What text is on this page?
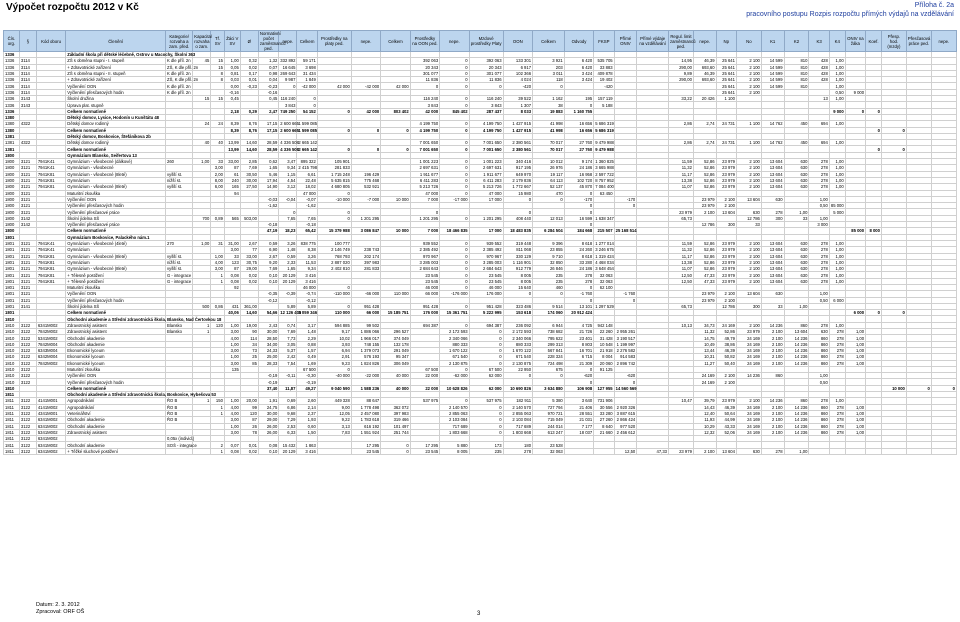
Výpočet rozpočtu 2012 v Kč	Příloha č. 2a
pracovního postupu Rozpis rozpočtu přímých výdajů na vzdělávání
Čís. org.	§	Kód oboru	Členění	Kategorie/ rozvaha a zam. před.	Kapacita/ rozvaha o zam.	Tř. SV	Žáci V SV	Ø	Normativní počet zaměstnanců ped.	nepe.	Celkem	Prostředky na platy ped.	nepe.	Celkem	Prostředky na OON ped.	nepe.	Mzdové prostředky Platy	OON	Celkem	Odvody	FKSP	Přímé ONIV	Přímé výdaje na vzdělávání	Regul. limit zaměstnanců ped.	nepe.	Np	No	K1	K2	K3	K4	ONIV na žáka	Koef.	Přesp. hod. (mzdy)	Přesčasová práce ped.	nepe.
1336			Základní škola při dětské léčebně, Ostrov u Macochy, Školní 363																																	
1336	3114		ZŠ s obměna stupni - I. stupeň	K dle příl. 2n	45	15	1,00	0,32	1,32	332 892	59 171				392 063	0	392 063	133 301	3 921	6 420	535 705			14,95	46,39	25 641	2 100	14 599	810	428	1,00					
1336	3114		+ Zdravotnické zařízení	ZŠ, K dle příl. 2n		15	0,05	0,02	0,07	16 645	3 698				20 343	0	20 343	6 917	203	6 420	33 883			290,00	693,60	25 641	2 100	14 599	810	428	1,00					
1336	3114		ZŠ s obměna stupni - II. stupeň	K dle příl. 2n		8	0,81	0,17	0,98	269 643	31 434				301 077	0	301 077	102 366	3 011	3 424	409 878			9,89	46,39	25 641	2 100	14 599	810	428	1,00					
1336	3114		+ Zdravotnické zařízení	ZŠ, K dle příl. 2n		8	0,03	0,01	0,04	9 987	1 849				11 836	0	11 836	4 024	118	3 424	19 402			290,00	693,60	25 641	2 100	14 599	810	428	1,00					
1336	3114		Vyčlenění OON	K dle příl. 2n			0,00	-0,23	-0,23	0	-42 000	42 000	-42 000	42 000	0	0	0	-420	0		-420					25 641	2 100	14 599	810		1,00					
1336	3114		Vyčlenění přesčasových hodin	K dle příl. 2n			-0,16		-0,16																	25 641	2 100				0,50	9 000				
1336	3143		Školní družina		15	15	0,45		0,45	116 240	0				116 240	0	116 240	39 522	1 162	195	157 119			33,22	20 426	1 100				13	1,00					
1336	3143		Úprava plat. stupně							3 843	0				3 843	0	3 843	1 307	38	0	5 188															
1336			Celkem normativně				2,18	0,29	2,47	749 250	54 152	0	42 000	803 402	42 000	845 402	287 437	8 033	19 883	1 160 755											9 000	0	0			
1380			Dětský domov, Lysice, Hodonín u Kunštátu 48																																	
1380	4322		Dětský domov rodinný		24	24	8,39	8,76	17,15	2 600 665	1 599 085				4 199 750	0	4 199 750	1 427 915	41 998	16 656	5 686 319			2,86	2,74	24 731	1 100	14 762	450	694	1,00					
1380			Celkem normativně				8,39	8,76	17,15	2 600 665	1 599 085	0	0	0	4 199 750	0	4 199 750	1 427 915	41 998	16 656	5 686 319												0	0		
1381			Dětský domov, Boskovice, Štefánikova 2b																																	
1381	4322		Dětský domov rodinný		40	40	13,99	14,60	28,59	4 336 508	2 665 142				7 001 650	0	7 001 650	2 380 561	70 017	27 760	9 479 988			2,86	2,74	24 731	1 100	14 762	450	694	1,00					
1381			Celkem normativně				13,99	14,60	28,59	4 336 508	2 665 142	0	0	0	7 001 650	0	7 001 650	2 380 561	70 017	27 760	9 479 988												0	0		
1800			Gymnázium Blansko, Seifertova 13																																	
1800	3121	7941K41	Gymnázium - všeobecné (dálkové)	260	1,00	33	33,00	2,85	0,62	3,47	895 322	105 901			1 001 223	0	1 001 223	340 416	10 012	9 174	1 360 825			11,59	52,86	23 979	2 100	13 604	630	278	1,00					
1800	3121	7941K41	Gymnázium - všeobecné			3,00	87	7,69	1,65	9,34	2 415 798	281 833			2 697 631	0	2 697 631	917 195	26 976	24 186	3 665 988			11,32	52,86	23 979	2 100	13 604	630	278	1,00					
1800	3121	7941K81	Gymnázium - všeobecné (8leté)	vyšší st.		2,00	61	30,50	5,46	1,15	6,61	1 715 248	196 429		1 911 677	0	1 911 677	649 970	19 117	16 958	2 597 722			11,17	52,86	23 979	2 100	13 604	630	278	1,00					
1800	3121	7941K81	Gymnázium	nižší st.		8,00	240	30,00	17,94	4,54	22,48	5 635 815	775 468		6 411 283	0	6 411 283	2 179 836	64 113	102 720	8 757 952			13,38	52,86	23 979	2 100	13 604	630	278	1,00					
1800	3121	7941K81	Gymnázium - všeobecné (8leté)	vyšší st.		6,00	165	27,50	14,90	3,12	18,02	4 680 805	532 921		5 213 726	0	5 213 726	1 772 667	52 137	45 870	7 084 400			11,07	52,86	23 979	2 100	13 604	630	278	1,00					
1800	3121		Maturitní zkouška				94				47 000	0			47 000	0	47 000	15 980	470	0	63 450															
1800	3121		Vyčlenění OON						-0,03	-0,04	-0,07	-10 000	-7 000	10 000	7 000	-17 000	17 000	0	0	-170		-170			23 979	2 100	13 604	630		1,00						
1800	3121		Vyčlenění přesčasových hodin						-1,62		-1,62									0		0			23 979	2 100				0,50	85 000					
1800	3121		Vyčlenění přesčasové práce							0		0			0			0		0				23 979	2 100	13 604	630	278	1,00		5 000					
1800	3142		Školní jídelna SŠ		700	0,89	565	503,00		7,65	7,65	0	1 201 295		1 201 295	0	1 201 295	408 440	12 013	16 599	1 638 347			65,73			12 786	300	33	1,00						
1800	3142		Vyčlenění přesčasové práce						-0,18		-0,18									0					12 786	300	33			3 000						
1800			Celkem normativně						47,19	18,23	65,42	15 379 988	3 086 847	10 000	7 000	18 466 835	17 000	18 483 835	6 284 504	184 668	215 507	25 168 514										85 000	8 000			
1801			Gymnázium Boskovice, Palackého nám.1																																	
1801	3121	7941K41	Gymnázium - všeobecné (4leté)	270	1,00	31	31,00	2,67	0,59	3,26	838 775	100 777			939 552	0	939 552	319 448	9 396	8 618	1 277 014			11,59	52,86	23 979	2 100	13 604	630	278	1,00					
1801	3121	7941K41	Gymnázium				3,00	77	6,90	1,48	8,38	2 146 749	238 743		2 385 492	0	2 385 492	811 068	23 855	24 260	3 246 675			11,32	52,86	23 979	2 100	13 604	630	278	1,00					
1801	3121	7941K81	Gymnázium - všeobecné (8leté)	vyšší st.		1,00	33	33,00	2,67	0,59	3,26	768 793	202 174		970 967	0	970 967	330 129	9 710	8 618	1 319 424			11,17	52,86	23 979	2 100	13 604	630	278	1,00					
1801	3121	7941K81	Gymnázium	nižší st.		4,00	123	30,75	9,20	2,33	11,53	2 887 020	397 983		3 285 003	0	3 285 003	1 116 901	32 850	33 280	4 468 034			13,38	52,86	23 979	2 100	13 604	630	278	1,00					
1801	3121	7941K81	Gymnázium - všeobecné (8leté)	vyšší st.		3,00	87	29,00	7,69	1,65	9,34	2 402 810	281 833		2 684 643	0	2 684 643	912 779	26 846	24 186	3 648 454			11,07	52,86	23 979	2 100	13 604	630	278	1,00					
1801	3121	7941K81	+ Tělesně postižení	G - integrace		1	0,08	0,02	0,10	20 129	3 416				23 545	0	23 545	8 005	235	278	32 063			12,50	47,33	23 979	2 100	13 604	630	278	1,00					
1801	3121	7941K81	+ Tělesně postižení	G - integrace		1	0,08	0,02	0,10	20 129	3 416				23 545	0	23 545	8 005	235	278	32 063			12,50	47,33	23 979	2 100	13 604	630	278	1,00					
1801	3121		Maturitní zkouška				92				46 000	0			46 000	0	46 000	15 640	460	0	62 100															
1801	3121		Vyčlenění OON						-0,35	-0,39	-0,74	-110 000	-66 000	110 000	66 000	-176 000	176 000	0	0	-1 760		-1 760			23 979	2 100	13 604	630		1,00						
1801	3121		Vyčlenění přesčasových hodin						-0,12		-0,12									0		0			23 979	2 100				0,50	6 000					
1801	3141		Školní jídelna SŠ		500	0,86	431	361,00		5,89	5,89	0	951 428		951 428	0	951 428	323 486	9 514	13 101	1 297 529			65,73		12 786	300	33	1,00							
1801			Celkem normativně				40,06	14,60	54,66	12 126 405	3 059 346	110 000	66 000	15 185 751	176 000	15 361 751	5 222 995	153 618	174 060	20 912 424												6 000	0	0		
1810			Obchodní akademie a Střední zdravotnická škola, Blansko, Nad Čertovkou 18																																	
1810	3122	6341M002	Zdravotnický asistent	Blansko	1	120	1,00	19,00	2,43	0,74	3,17	594 885	99 502		694 387	0	694 387	236 092	6 944	4 725	942 148			10,13	34,73	24 169	2 100	14 236	860	278	1,00					
1810	3122	7842M002	Zdravotnický asistent	Blansko	1		3,00	90	30,00	7,69	1,48	9,17	1 886 066	296 527		2 172 593	0	2 172 593	738 682	21 726	22 260	2 955 261			11,32	52,86	23 979	2 100	13 604	630	278	1,00				
1810	3122	5341M002	Obchodní akademie				4,00	114	28,50	7,73	2,29	10,02	1 966 017	374 049		2 340 066	0	2 340 066	795 622	23 401	31 428	3 190 517			14,75	49,79	24 169	2 100	14 236	860	278	1,00				
1810	3122	7842M004	Obchodní akademie				1,00	34	34,00	3,05	0,88	3,93	748 155	132 178		880 333	0	880 333	299 313	8 803	10 548	1 199 997			10,49	38,86	24 169	2 100	14 236	860	278	1,00				
1810	3122	6343M004	Ekonomické lyceum				3,00	73	24,33	5,37	1,57	6,94	1 379 073	291 049		1 670 122	0	1 670 122	567 841	16 701	21 918	2 276 582			13,44	46,39	24 169	2 100	14 236	860	278	1,00				
1810	3122	6342M004	Ekonomické lyceum				1,00	25	25,00	2,42	0,49	2,91	576 193	95 347		671 540	0	671 540	228 324	6 715	8 004	914 583			10,31	50,82	24 169	2 100	14 236	860	278	1,00				
1810	3122	7842M002	Ekonomické lyceum				3,00	85	28,33	7,54	1,69	9,23	1 824 826	306 049		2 130 875	0	2 130 875	724 498	21 309	20 060	2 896 742			11,27	50,40	24 169	2 100	14 236	860	278	1,00				
1810	3122		Maturitní zkouška				135				67 500	0			67 500	0	67 500	22 950	675	0	91 125															
1810	3122		Vyčlenění OON						-0,19	-0,11	-0,30	-40 000	-22 000	40 000	22 000	-62 000	62 000	0	0	-620		-620			24 169	2 100	14 236	860		1,00						
1810	3122		Vyčlenění přesčasových hodin						-0,19		-0,19									0		0			24 169	2 100				0,50						
1810			Celkem normativně						37,40	11,87	49,27	9 040 590	1 588 236	40 000	22 000	10 628 826	62 000	10 690 826	3 634 880	106 908	127 955	14 560 569												10 000	0	0
1811			Obchodní akademie a Střední zdravotnická škola, Boskovice, Hybešova 53																																	
1811	3122	4141M001	Agropodnikání	ŘO B	1	150	1,00	20,00	1,91	0,69	2,60	449 328	88 647		537 975	0	537 975	182 911	5 380	3 640	731 906			10,47	39,79	23 979	2 100	14 236	860	278	1,00					
1811	3122	4141M002	Agropodnikání	ŘO B		1	4,00	99	24,75	6,86	2,14	9,00	1 778 498	362 072		2 140 570	0	2 140 570	727 794	21 406	30 556	2 920 326			14,43	46,39	24 169	2 100	14 236	860	278	1,00				
1811	3122	4341M001	Veterinářství	ŘO B		1	4,00	120	30,00	9,68	2,37	12,05	2 457 080	397 983		2 855 063	0	2 855 063	970 721	28 551	33 280	3 887 615			12,40	50,64	24 169	2 100	14 236	860	278	1,00				
1811	3122	6341M002	Obchodní akademie	ŘO B			3,00	87	29,00	7,29	1,93	9,22	1 783 618	319 466		2 103 084	0	2 103 084	715 049	21 031	27 260	2 866 424			11,93	44,99	24 169	2 100	14 236	860	278	1,00				
1811	3122	6341M002	Obchodní akademie				1,00	26	26,00	2,53	0,60	3,13	616 192	101 497		717 689	0	717 689	244 014	7 177	8 640	977 520			10,29	43,33	24 169	2 100	14 236	860	278	1,00				
1811	3122	5341M002	Zdravotnický asistent				3,00	78	26,00	6,33	1,50	7,83	1 551 924	251 744		1 803 668	0	1 803 668	613 247	18 037	21 660	2 456 612			12,32	52,06	24 169	2 100	14 236	860	278	1,00				
1811	3122	6341M002		0,05x (individ.)																																
1811	3122	6341M002	Obchodní akademie	SOŠ - integrace		2	0,07	0,01	0,08	15 432	1 863		17 295	0	17 295	5 880	173	180	23 528																	
1811	3122	6341M002	+ Těžké sluchové postižení			1	0,08	0,02	0,10	20 129	3 416		23 545	0	23 545	8 005	235	278	32 063			12,50	47,33	23 979	2 100	13 604	630	278	1,00							
Datum: 2. 3. 2012
Zpracoval: ORF OŠ	3
